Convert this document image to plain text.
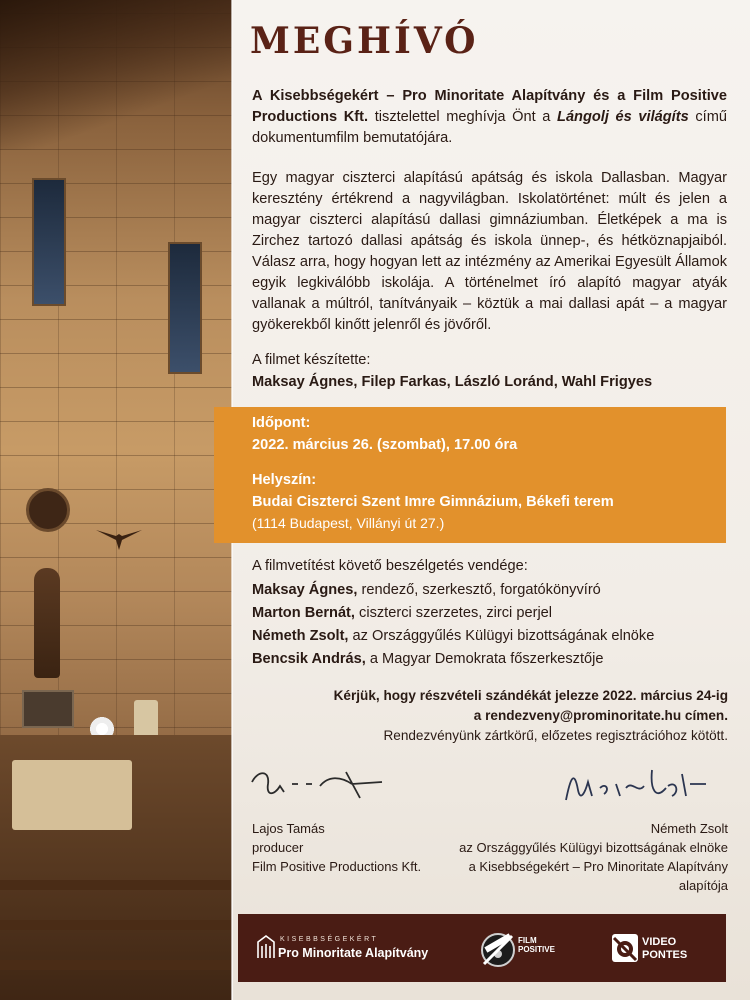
MEGHÍVÓ
A Kisebbségekért – Pro Minoritate Alapítvány és a Film Positive Productions Kft. tisztelettel meghívja Önt a Lángolj és világíts című dokumentumfilm bemutatójára.
Egy magyar ciszterci alapítású apátság és iskola Dallasban. Magyar keresztény értékrend a nagyvilágban. Iskolatörténet: múlt és jelen a magyar ciszterci alapítású dallasi gimnáziumban. Életképek a ma is Zirchez tartozó dallasi apátság és iskola ünnep-, és hétköznapjaiból. Válasz arra, hogy hogyan lett az intézmény az Amerikai Egyesült Államok egyik legkiválóbb iskolája. A történelmet író alapító magyar atyák vallanak a múltról, tanítványaik – köztük a mai dallasi apát – a magyar gyökerekből kinőtt jelenről és jövőről.
A filmet készítette:
Maksay Ágnes, Filep Farkas, László Loránd, Wahl Frigyes
Időpont:
2022. március 26. (szombat), 17.00 óra
Helyszín:
Budai Ciszterci Szent Imre Gimnázium, Békefi terem
(1114 Budapest, Villányi út 27.)
A filmvetítést követő beszélgetés vendége:
Maksay Ágnes, rendező, szerkesztő, forgatókönyvíró
Marton Bernát, ciszterci szerzetes, zirci perjel
Németh Zsolt, az Országgyűlés Külügyi bizottságának elnöke
Bencsik András, a Magyar Demokrata főszerkesztője
Kérjük, hogy részvételi szándékát jelezze 2022. március 24-ig
a rendezveny@prominoritate.hu címen.
Rendezvényünk zártkörű, előzetes regisztrációhoz kötött.
Lajos Tamás
producer
Film Positive Productions Kft.
Németh Zsolt
az Országgyűlés Külügyi bizottságának elnöke
a Kisebbségekért – Pro Minoritate Alapítvány
alapítója
KISEBBSÉGEKÉRT
Pro Minoritate Alapítvány
FILM
POSITIVE
VIDEO
PONTES
